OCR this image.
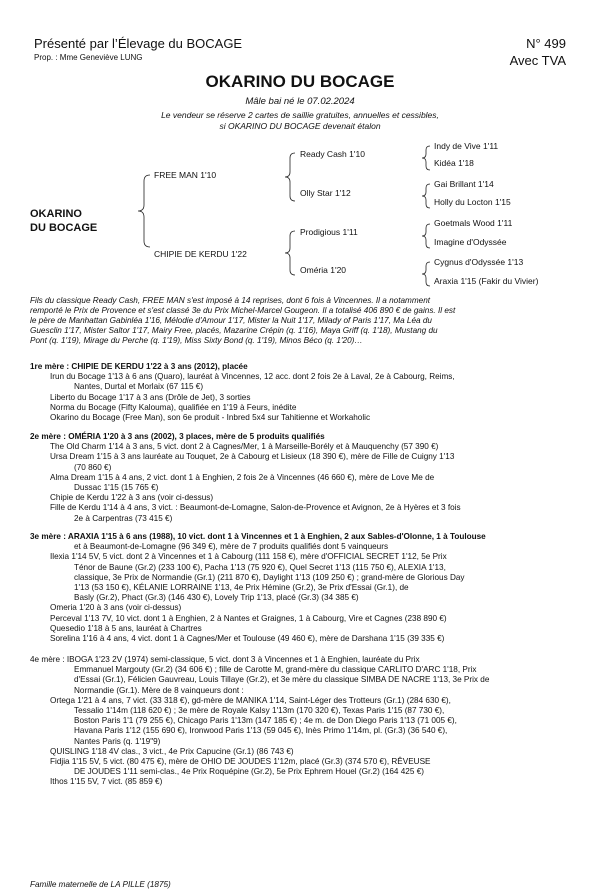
Présenté par l’Élevage du BOCAGE
Prop. : Mme Geneviève LUNG
N° 499
Avec TVA
OKARINO DU BOCAGE
Mâle bai né le 07.02.2024
Le vendeur se réserve 2 cartes de saillie gratuites, annuelles et cessibles,
si OKARINO DU BOCAGE devenait étalon
OKARINO
DU BOCAGE
FREE MAN 1'10
CHIPIE DE KERDU 1'22
Ready Cash 1'10
Olly Star 1'12
Prodigious 1'11
Oméria 1'20
Indy de Vive 1'11
Kidéa 1'18
Gai Brillant 1'14
Holly du Locton 1'15
Goetmals Wood 1'11
Imagine d'Odyssée
Cygnus d'Odyssée 1'13
Araxia 1'15 (Fakir du Vivier)
Fils du classique Ready Cash, FREE MAN s'est imposé à 14 reprises, dont 6 fois à Vincennes. Il a notamment
remporté le Prix de Provence et s'est classé 3e du Prix Michel-Marcel Gougeon. Il a totalisé 406 890 € de gains. Il est
le père de Manhattan Gabinléa 1'16, Mélodie d'Amour 1'17, Mister la Nuit 1'17, Milady of Paris 1'17, Ma Léa du
Guesclin 1'17, Mister Saltor 1'17, Mairy Free, placés, Mazarine Crépin (q. 1'16), Maya Griff (q. 1'18), Mustang du
Pont (q. 1'19), Mirage du Perche (q. 1'19), Miss Sixty Bond (q. 1'19), Minos Béco (q. 1'20)…
1re mère : CHIPIE DE KERDU 1'22 à 3 ans (2012), placée
Irun du Bocage 1'13 à 6 ans (Quaro), lauréat à Vincennes, 12 acc. dont 2 fois 2e à Laval, 2e à Cabourg, Reims,
Nantes, Durtal et Morlaix (67 115 €)
Liberto du Bocage 1'17 à 3 ans (Drôle de Jet), 3 sorties
Norma du Bocage (Fifty Kalouma), qualifiée en 1'19 à Feurs, inédite
Okarino du Bocage (Free Man), son 6e produit - Inbred 5x4 sur Tahitienne et Workaholic
2e mère : OMÉRIA 1'20 à 3 ans (2002), 3 places, mère de 5 produits qualifiés
The Old Charm 1'14 à 3 ans, 5 vict. dont 2 à Cagnes/Mer, 1 à Marseille-Borély et à Mauquenchy (57 390 €)
Ursa Dream 1'15 à 3 ans lauréate au Touquet, 2e à Cabourg et Lisieux (18 390 €), mère de Fille de Cuigny 1'13
(70 860 €)
Alma Dream 1'15 à 4 ans, 2 vict. dont 1 à Enghien, 2 fois 2e à Vincennes (46 660 €), mère de Love Me de
Dussac 1'15 (15 765 €)
Chipie de Kerdu 1'22 à 3 ans (voir ci-dessus)
Fille de Kerdu 1'14 à 4 ans, 3 vict. : Beaumont-de-Lomagne, Salon-de-Provence et Avignon, 2e à Hyères et 3 fois
2e à Carpentras (73 415 €)
3e mère : ARAXIA 1'15 à 6 ans (1988), 10 vict. dont 1 à Vincennes et 1 à Enghien, 2 aux Sables-d'Olonne, 1 à Toulouse
et à Beaumont-de-Lomagne (96 349 €), mère de 7 produits qualifiés dont 5 vainqueurs
Ilexia 1'14 5V, 5 vict. dont 2 à Vincennes et 1 à Cabourg (111 158 €), mère d'OFFICIAL SECRET 1'12, 5e Prix
Ténor de Baune (Gr.2) (233 100 €), Pacha 1'13 (75 920 €), Quel Secret 1'13 (115 750 €), ALEXIA 1'13,
classique, 3e Prix de Normandie (Gr.1) (211 870 €), Daylight 1'13 (109 250 €) ; grand-mère de Glorious Day
1'13 (53 150 €), KÉLANIE LORRAINE 1'13, 4e Prix Hémine (Gr.2), 3e Prix d'Essai (Gr.1), de
Basly (Gr.2), Phact (Gr.3) (146 430 €), Lovely Trip 1'13, placé (Gr.3) (34 385 €)
Omeria 1'20 à 3 ans (voir ci-dessus)
Perceval 1'13 7V, 10 vict. dont 1 à Enghien, 2 à Nantes et Graignes, 1 à Cabourg, Vire et Cagnes (238 890 €)
Quesedio 1'18 à 5 ans, lauréat à Chartres
Sorelina 1'16 à 4 ans, 4 vict. dont 1 à Cagnes/Mer et Toulouse (49 460 €), mère de Darshana 1'15 (39 335 €)
4e mère : IBOGA 1'23 2V (1974) semi-classique, 5 vict. dont 3 à Vincennes et 1 à Enghien, lauréate du Prix
Emmanuel Margouty (Gr.2) (34 606 €) ; fille de Carotte M, grand-mère du classique CARLITO D'ARC 1'18, Prix
d'Essai (Gr.1), Félicien Gauvreau, Louis Tillaye (Gr.2), et 3e mère du classique SIMBA DE NACRE 1'13, 3e Prix de
Normandie (Gr.1). Mère de 8 vainqueurs dont :
Ortega 1'21 à 4 ans, 7 vict. (33 318 €), gd-mère de MANIKA 1'14, Saint-Léger des Trotteurs (Gr.1) (284 630 €),
Tessalio 1'14m (118 620 €) ; 3e mère de Royale Kalsy 1'13m (170 320 €), Texas Paris 1'15 (87 730 €),
Boston Paris 1'1 (79 255 €), Chicago Paris 1'13m (147 185 €) ; 4e m. de Don Diego Paris 1'13 (71 005 €),
Havana Paris 1'12 (155 690 €), Ironwood Paris 1'13 (59 045 €), Inès Primo 1'14m, pl. (Gr.3) (36 540 €),
Nantes Paris (q. 1'19"9)
QUISLING 1'18 4V clas., 3 vict., 4e Prix Capucine (Gr.1) (86 743 €)
Fidjia 1'15 5V, 5 vict. (80 475 €), mère de OHIO DE JOUDES 1'12m, placé (Gr.3) (374 570 €), RÊVEUSE
DE JOUDES 1'11 semi-clas., 4e Prix Roquépine (Gr.2), 5e Prix Ephrem Houel (Gr.2) (164 425 €)
Ithos 1'15 5V, 7 vict. (85 859 €)
Famille maternelle de LA PILLE (1875)
